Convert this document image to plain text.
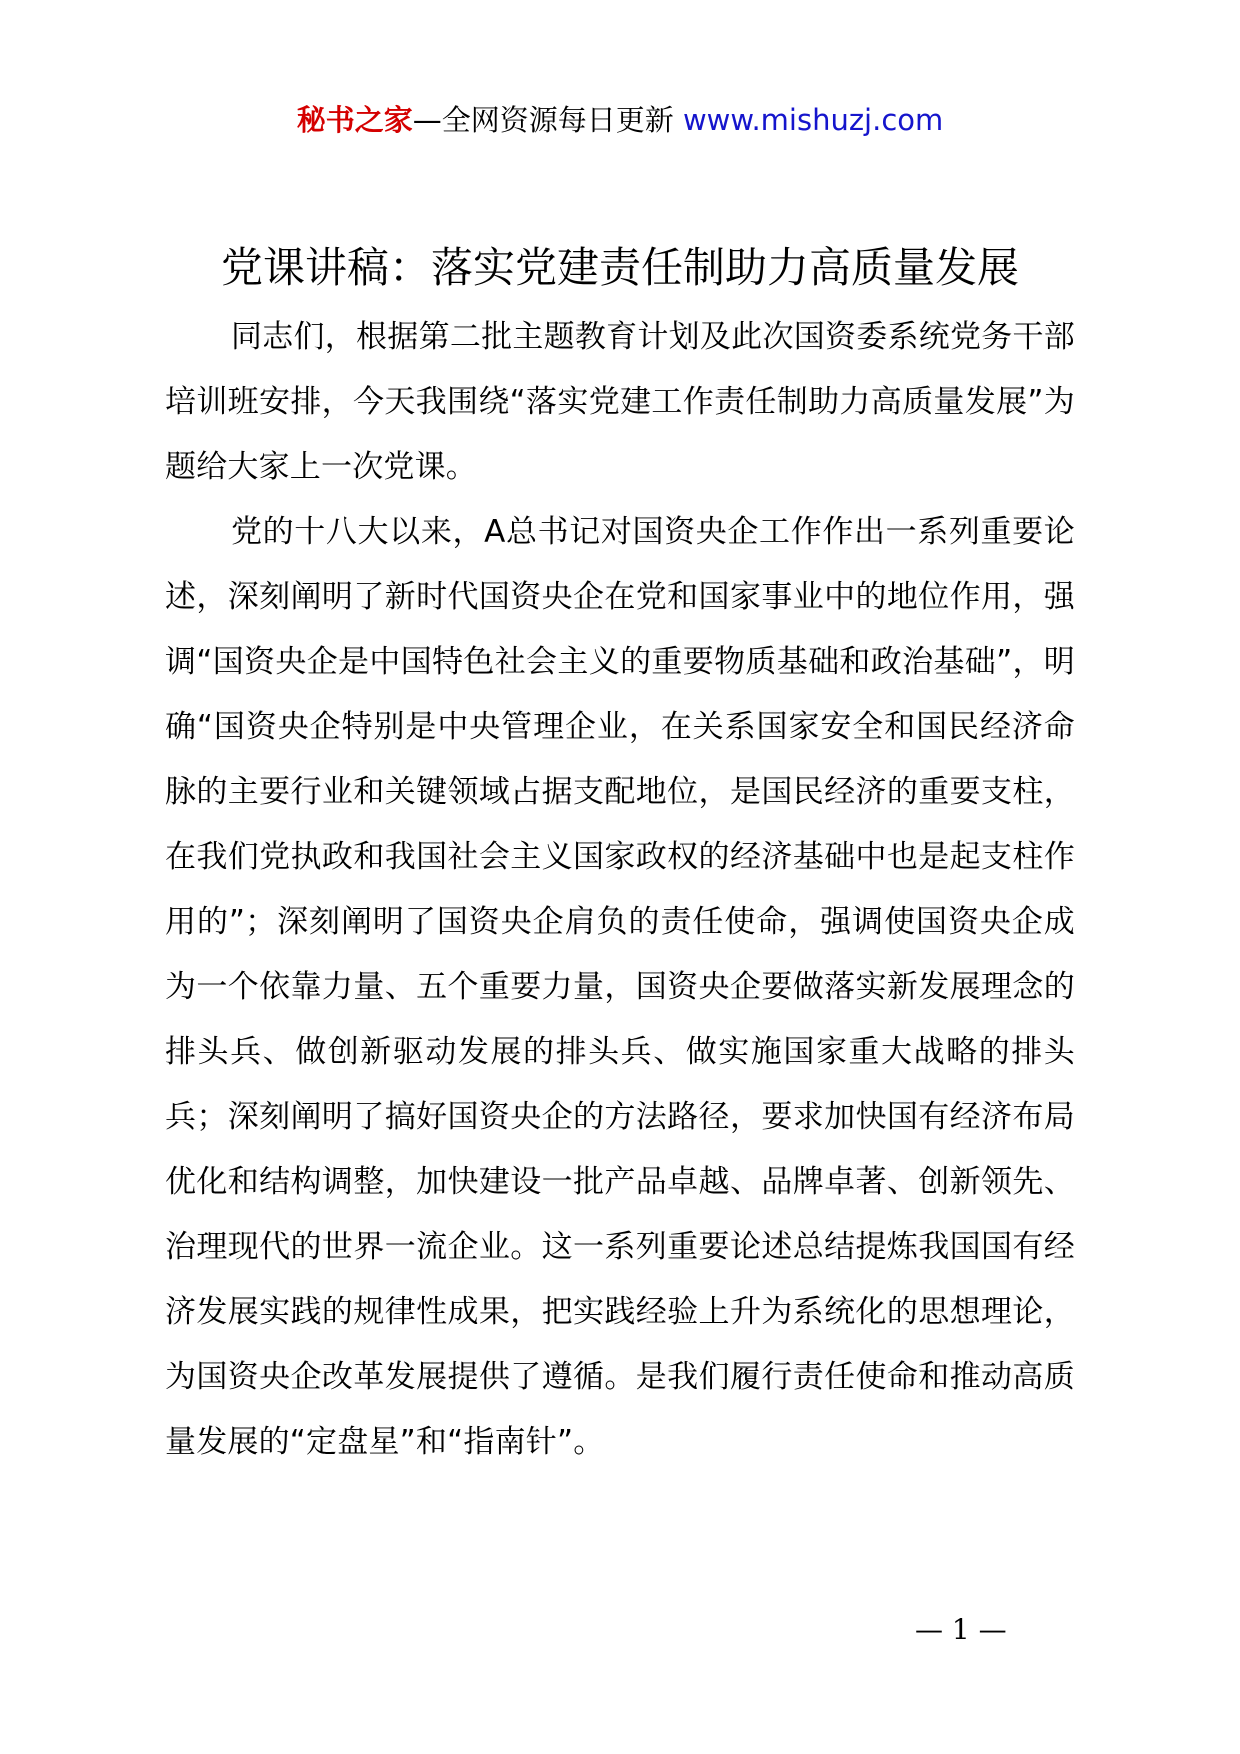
秘书之家—全网资源每日更新 www.mishuzj.com
党课讲稿：落实党建责任制助力高质量发展

同志们，根据第二批主题教育计划及此次国资委系统党务干部培训班安排，今天我围绕“落实党建工作责任制助力高质量发展”为题给大家上一次党课。

党的十八大以来，A总书记对国资央企工作作出一系列重要论述，深刻阐明了新时代国资央企在党和国家事业中的地位作用，强调“国资央企是中国特色社会主义的重要物质基础和政治基础”，明确“国资央企特别是中央管理企业，在关系国家安全和国民经济命脉的主要行业和关键领域占据支配地位，是国民经济的重要支柱，在我们党执政和我国社会主义国家政权的经济基础中也是起支柱作用的”；深刻阐明了国资央企肩负的责任使命，强调使国资央企成为一个依靠力量、五个重要力量，国资央企要做落实新发展理念的排头兵、做创新驱动发展的排头兵、做实施国家重大战略的排头兵；深刻阐明了搞好国资央企的方法路径，要求加快国有经济布局优化和结构调整，加快建设一批产品卓越、品牌卓著、创新领先、治理现代的世界一流企业。这一系列重要论述总结提炼我国国有经济发展实践的规律性成果，把实践经验上升为系统化的思想理论，为国资央企改革发展提供了遵循。是我们履行责任使命和推动高质量发展的“定盘星”和“指南针”。

— 1 —
